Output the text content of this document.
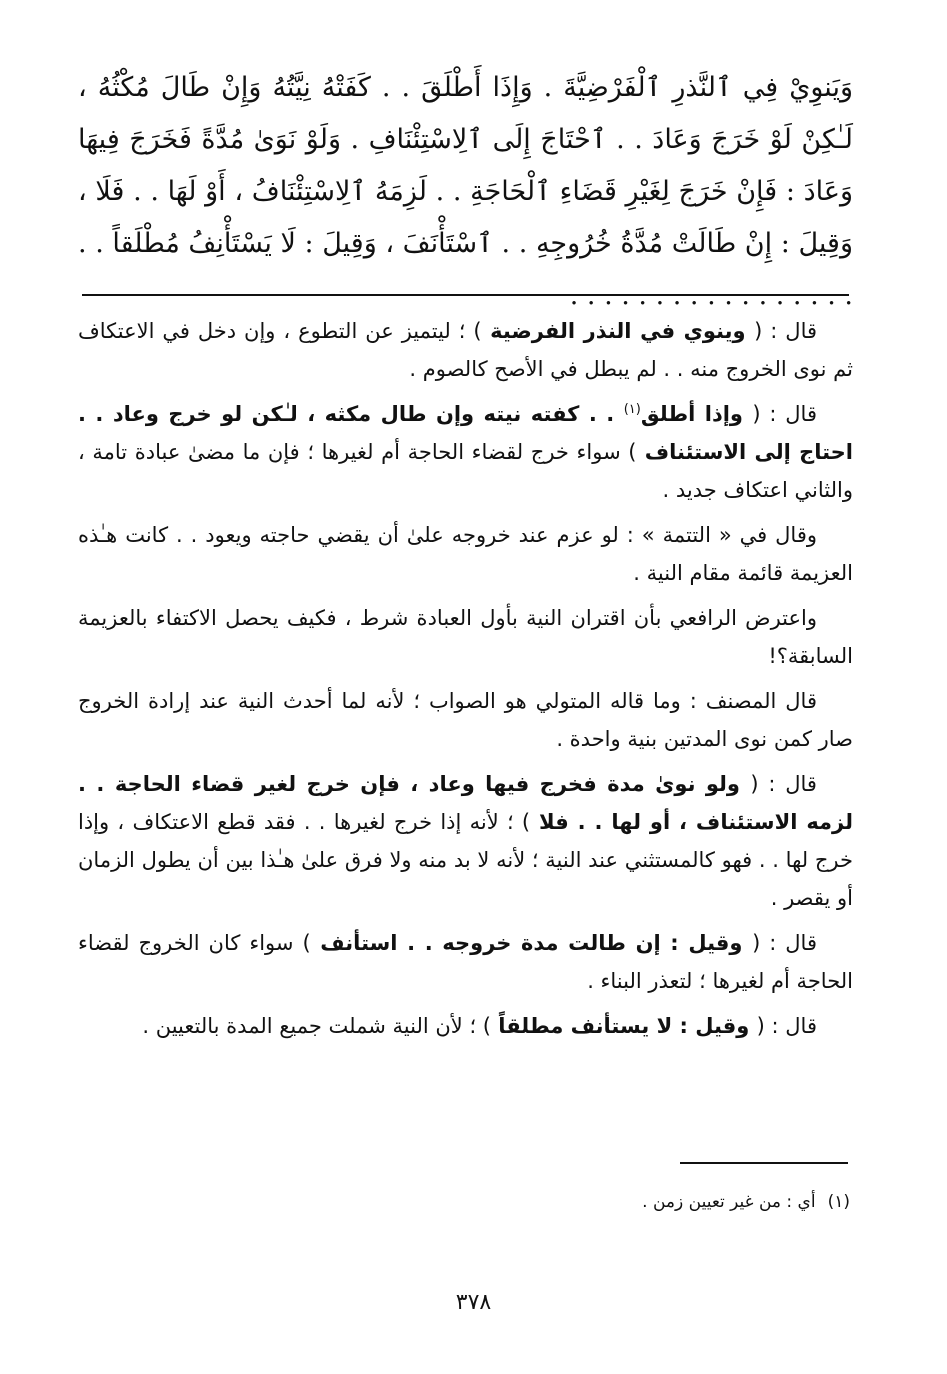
وَيَنوِيْ فِي ٱلنَّذرِ ٱلْفَرْضِيَّةَ . وَإِذَا أَطْلَقَ . . كَفَتْهُ نِيَّتُهُ وَإِنْ طَالَ مُكْثُهُ ، لَـٰكِنْ لَوْ خَرَجَ وَعَادَ . . ٱحْتَاجَ إِلَى ٱلِاسْتِئْنَافِ . وَلَوْ نَوَىٰ مُدَّةً فَخَرَجَ فِيهَا وَعَادَ : فَإِنْ خَرَجَ لِغَيْرِ قَضَاءِ ٱلْحَاجَةِ . . لَزِمَهُ ٱلِاسْتِئْنَافُ ، أَوْ لَهَا . . فَلَا ، وَقِيلَ : إِنْ طَالَتْ مُدَّةُ خُرُوجِهِ . . ٱسْتَأْنَفَ ، وَقِيلَ : لَا يَسْتَأْنِفُ مُطْلَقاً . . . . . . . . . . . . . . . . . . .

قال : ( وينوي في النذر الفرضية ) ؛ ليتميز عن التطوع ، وإن دخل في الاعتكاف ثم نوى الخروج منه . . لم يبطل في الأصح كالصوم .

قال : ( وإذا أطلق$^{(١)}$ . . كفته نيته وإن طال مكثه ، لـٰكن لو خرج وعاد . . احتاج إلى الاستئناف ) سواء خرج لقضاء الحاجة أم لغيرها ؛ فإن ما مضىٰ عبادة تامة ، والثاني اعتكاف جديد .

وقال في « التتمة » : لو عزم عند خروجه علىٰ أن يقضي حاجته ويعود . . كانت هـٰذه العزيمة قائمة مقام النية .

واعترض الرافعي بأن اقتران النية بأول العبادة شرط ، فكيف يحصل الاكتفاء بالعزيمة السابقة؟!

قال المصنف : وما قاله المتولي هو الصواب ؛ لأنه لما أحدث النية عند إرادة الخروج صار كمن نوى المدتين بنية واحدة .

قال : ( ولو نوىٰ مدة فخرج فيها وعاد ، فإن خرج لغير قضاء الحاجة . . لزمه الاستئناف ، أو لها . . فلا ) ؛ لأنه إذا خرج لغيرها . . فقد قطع الاعتكاف ، وإذا خرج لها . . فهو كالمستثني عند النية ؛ لأنه لا بد منه ولا فرق علىٰ هـٰذا بين أن يطول الزمان أو يقصر .

قال : ( وقيل : إن طالت مدة خروجه . . استأنف ) سواء كان الخروج لقضاء الحاجة أم لغيرها ؛ لتعذر البناء .

قال : ( وقيل : لا يستأنف مطلقاً ) ؛ لأن النية شملت جميع المدة بالتعيين .

(١)أي : من غير تعيين زمن .
٣٧٨
